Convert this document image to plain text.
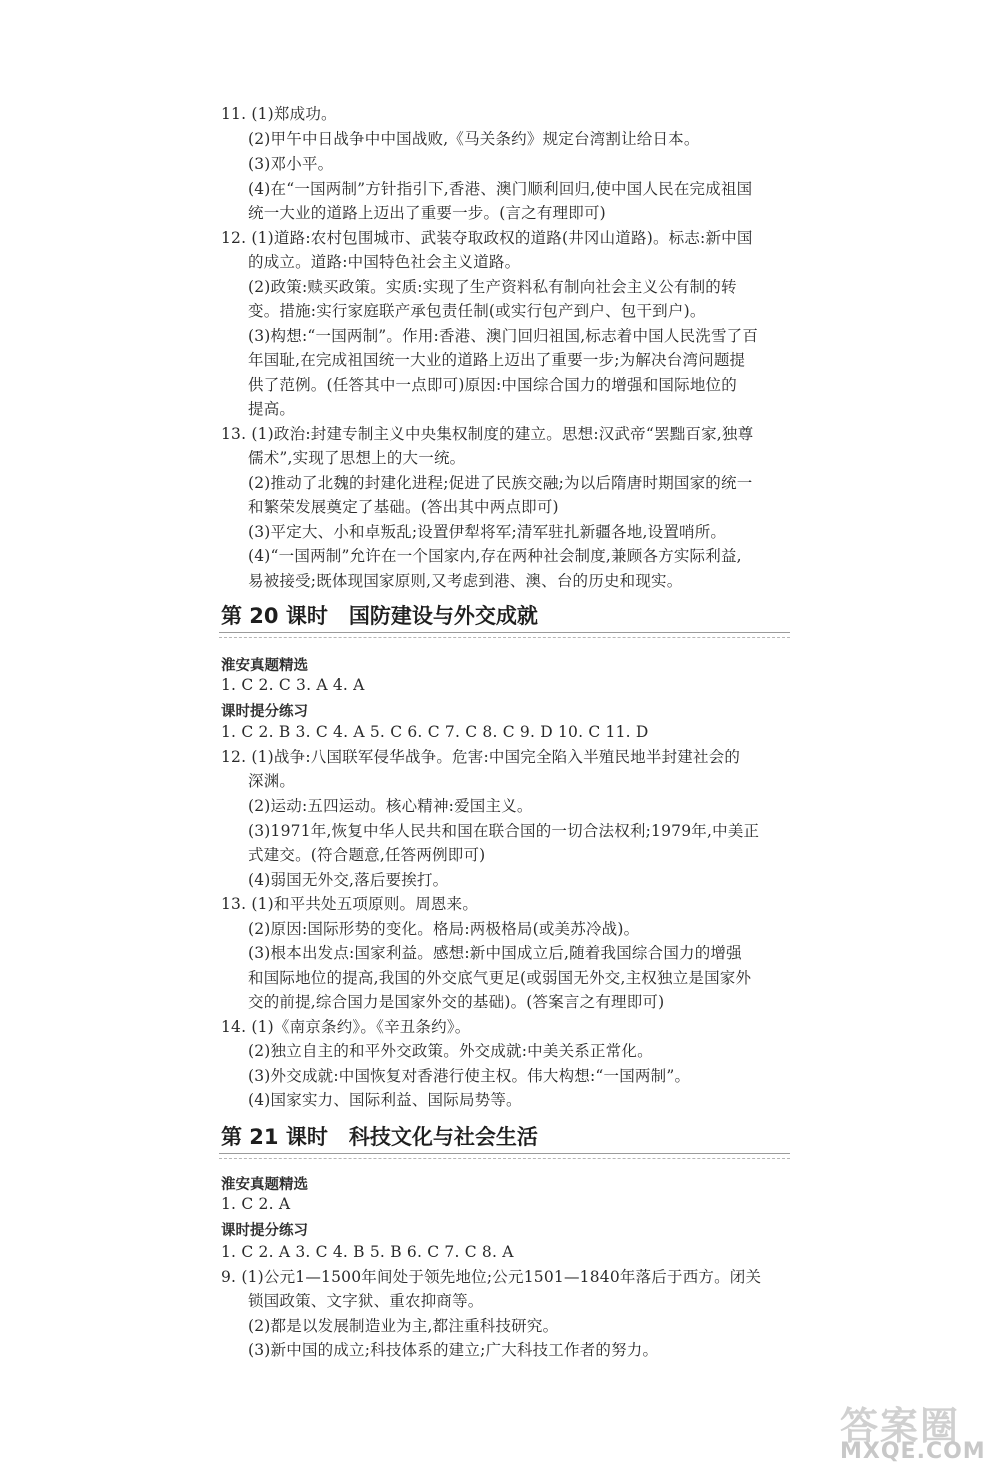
11. (1)郑成功。
(2)甲午中日战争中中国战败,《马关条约》规定台湾割让给日本。
(3)邓小平。
(4)在“一国两制”方针指引下,香港、澳门顺利回归,使中国人民在完成祖国
统一大业的道路上迈出了重要一步。(言之有理即可)
12. (1)道路:农村包围城市、武装夺取政权的道路(井冈山道路)。标志:新中国
的成立。道路:中国特色社会主义道路。
(2)政策:赎买政策。实质:实现了生产资料私有制向社会主义公有制的转
变。措施:实行家庭联产承包责任制(或实行包产到户、包干到户)。
(3)构想:“一国两制”。作用:香港、澳门回归祖国,标志着中国人民洗雪了百
年国耻,在完成祖国统一大业的道路上迈出了重要一步;为解决台湾问题提
供了范例。(任答其中一点即可)原因:中国综合国力的增强和国际地位的
提高。
13. (1)政治:封建专制主义中央集权制度的建立。思想:汉武帝“罢黜百家,独尊
儒术”,实现了思想上的大一统。
(2)推动了北魏的封建化进程;促进了民族交融;为以后隋唐时期国家的统一
和繁荣发展奠定了基础。(答出其中两点即可)
(3)平定大、小和卓叛乱;设置伊犁将军;清军驻扎新疆各地,设置哨所。
(4)“一国两制”允许在一个国家内,存在两种社会制度,兼顾各方实际利益,
易被接受;既体现国家原则,又考虑到港、澳、台的历史和现实。
第 20 课时　国防建设与外交成就
淮安真题精选
1. C 2. C 3. A 4. A
课时提分练习
1. C 2. B 3. C 4. A 5. C 6. C 7. C 8. C 9. D 10. C 11. D
12. (1)战争:八国联军侵华战争。危害:中国完全陷入半殖民地半封建社会的
深渊。
(2)运动:五四运动。核心精神:爱国主义。
(3)1971年,恢复中华人民共和国在联合国的一切合法权利;1979年,中美正
式建交。(符合题意,任答两例即可)
(4)弱国无外交,落后要挨打。
13. (1)和平共处五项原则。周恩来。
(2)原因:国际形势的变化。格局:两极格局(或美苏冷战)。
(3)根本出发点:国家利益。感想:新中国成立后,随着我国综合国力的增强
和国际地位的提高,我国的外交底气更足(或弱国无外交,主权独立是国家外
交的前提,综合国力是国家外交的基础)。(答案言之有理即可)
14. (1)《南京条约》。《辛丑条约》。
(2)独立自主的和平外交政策。外交成就:中美关系正常化。
(3)外交成就:中国恢复对香港行使主权。伟大构想:“一国两制”。
(4)国家实力、国际利益、国际局势等。
第 21 课时　科技文化与社会生活
淮安真题精选
1. C 2. A
课时提分练习
1. C 2. A 3. C 4. B 5. B 6. C 7. C 8. A
9. (1)公元1—1500年间处于领先地位;公元1501—1840年落后于西方。闭关
锁国政策、文字狱、重农抑商等。
(2)都是以发展制造业为主,都注重科技研究。
(3)新中国的成立;科技体系的建立;广大科技工作者的努力。
答案圈
MXQE.COM
